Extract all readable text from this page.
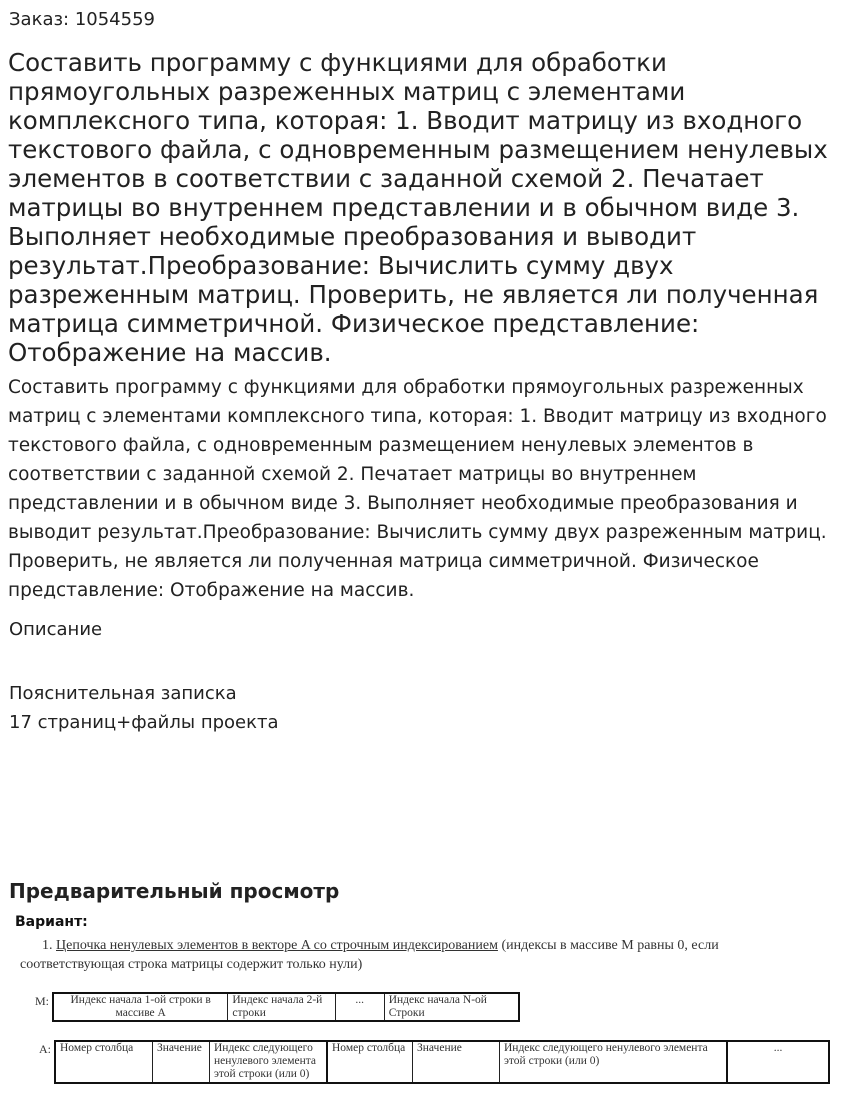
Заказ: 1054559
Составить программу с функциями для обработки прямоугольных разреженных матриц с элементами комплексного типа, которая: 1. Вводит матрицу из входного текстового файла, с одновременным размещением ненулевых элементов в соответствии с заданной схемой 2. Печатает матрицы во внутреннем представлении и в обычном виде 3. Выполняет необходимые преобразования и выводит результат.Преобразование: Вычислить сумму двух разреженным матриц. Проверить, не является ли полученная матрица симметричной. Физическое представление: Отображение на массив.

Составить программу с функциями для обработки прямоугольных разреженных матриц с элементами комплексного типа, которая: 1. Вводит матрицу из входного текстового файла, с одновременным размещением ненулевых элементов в соответствии с заданной схемой 2. Печатает матрицы во внутреннем представлении и в обычном виде 3. Выполняет необходимые преобразования и выводит результат.Преобразование: Вычислить сумму двух разреженным матриц. Проверить, не является ли полученная матрица симметричной. Физическое представление: Отображение на массив.

Описание
Пояснительная записка
17 страниц+файлы проекта
Предварительный просмотр
Вариант:
1. Цепочка ненулевых элементов в векторе A со строчным индексированием (индексы в массиве M равны 0, если
соответствующая строка матрицы содержит только нули)
M: Индекс начала 1-ой строки в массиве A	Индекс начала 2-й строки	...	Индекс начала N-ой Строки
A: Номер столбца	Значение	Индекс следующего ненулевого элемента этой строки (или 0)	Номер столбца	Значение	Индекс следующего ненулевого элемента этой строки (или 0)	...
